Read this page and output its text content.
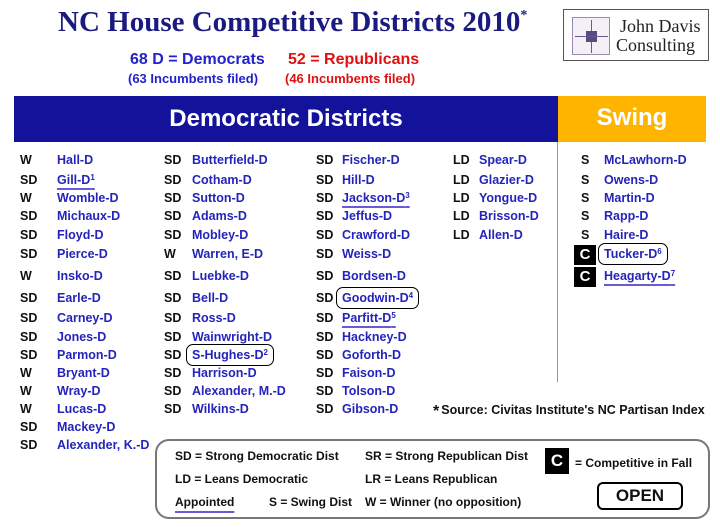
NC House Competitive Districts 2010*
68 D = Democrats 52 = Republicans
(63 Incumbents filed) (46 Incumbents filed)
John Davis
Consulting
Democratic Districts	Swing
W Hall-D
SD Gill-$D^1$
W Womble-D
SD Michaux-D
SD Floyd-D
SD Pierce-D
W Insko-D
SD Earle-D
SD Carney-D
SD Jones-D
SD Parmon-D
W Bryant-D
W Wray-D
W Lucas-D
SD Mackey-D
SD Alexander, K.-D
SD Butterfield-D
SD Cotham-D
SD Sutton-D
SD Adams-D
SD Mobley-D
W Warren, E-D
SD Luebke-D
SD Bell-D
SD Ross-D
SD Wainwright-D
SD $S-Hughes-D^2$
SD Harrison-D
SD Alexander, M.-D
SD Wilkins-D
SD Fischer-D
SD Hill-D
SD Jackson-$D^3$
SD Jeffus-D
SD Crawford-D
SD Weiss-D
SD Bordsen-D
SD Goodwin-$D^4$
SD Parfitt-$D^5$
SD Hackney-D
SD Goforth-D
SD Faison-D
SD Tolson-D
SD Gibson-D
LD Spear-D
LD Glazier-D
LD Yongue-D
LD Brisson-D
LD Allen-D
S McLawhorn-D
S Owens-D
S Martin-D
S Rapp-D
S Haire-D
C	Tucker-$D^6$
C	Heagarty-$D^7$
* Source: Civitas Institute's NC Partisan Index
SD = Strong Democratic Dist SR = Strong Republican Dist	C = Competitive in Fall
LD = Leans Democratic	LR = Leans Republican
Appointed	S = Swing Dist W = Winner (no opposition)	OPEN
